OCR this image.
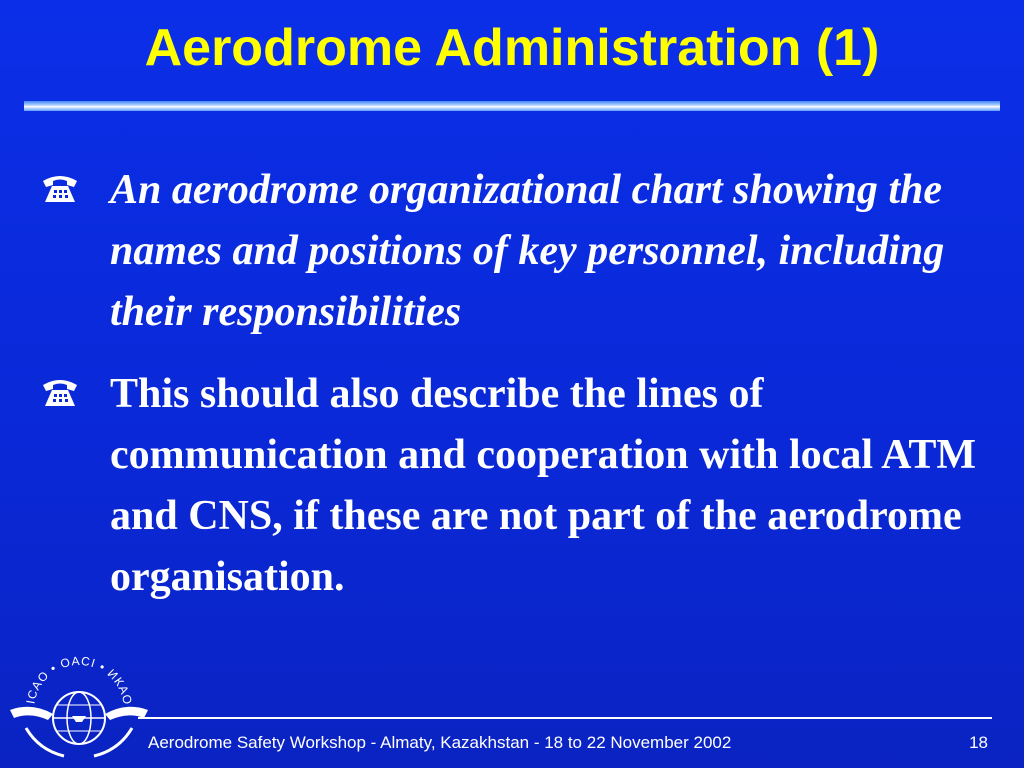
Aerodrome Administration (1)
An aerodrome organizational chart showing the names and positions of key personnel, including their responsibilities
This should also describe the lines of communication and cooperation with local ATM and CNS, if these are not part of the aerodrome organisation.
ICAO • OACI • ИКАО
Aerodrome Safety Workshop - Almaty, Kazakhstan - 18 to 22 November 2002	18
